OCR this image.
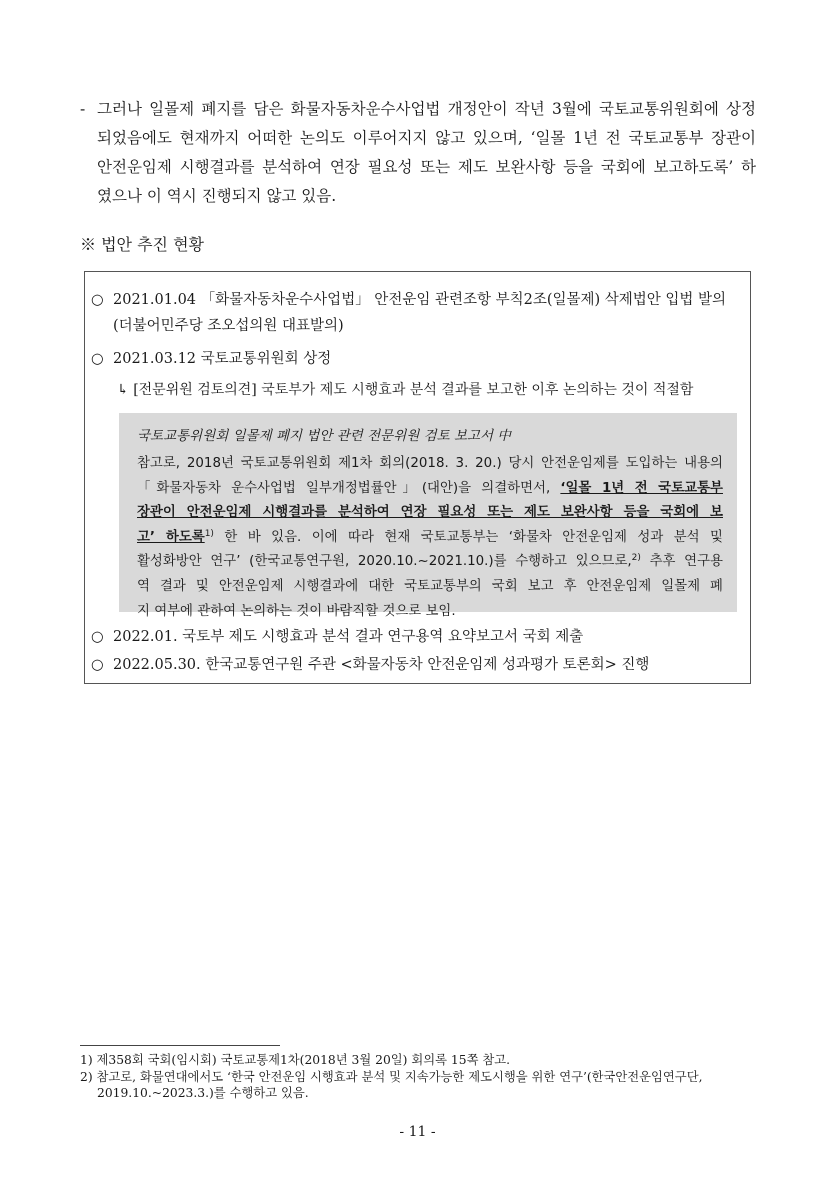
- 그러나 일몰제 폐지를 담은 화물자동차운수사업법 개정안이 작년 3월에 국토교통위원회에 상정
되었음에도 현재까지 어떠한 논의도 이루어지지 않고 있으며, ‘일몰 1년 전 국토교통부 장관이
안전운임제 시행결과를 분석하여 연장 필요성 또는 제도 보완사항 등을 국회에 보고하도록’ 하
였으나 이 역시 진행되지 않고 있음.
※ 법안 추진 현황
○ 2021.01.04 「화물자동차운수사업법」 안전운임 관련조항 부칙2조(일몰제) 삭제법안 입법 발의
(더불어민주당 조오섭의원 대표발의)
○ 2021.03.12 국토교통위원회 상정
↳ [전문위원 검토의견] 국토부가 제도 시행효과 분석 결과를 보고한 이후 논의하는 것이 적절함
국토교통위원회 일몰제 폐지 법안 관련 전문위원 검토 보고서 中
참고로, 2018년 국토교통위원회 제1차 회의(2018. 3. 20.) 당시 안전운임제를 도입하는 내용의
「화물자동차 운수사업법 일부개정법률안」(대안)을 의결하면서, ‘일몰 1년 전 국토교통부
장관이 안전운임제 시행결과를 분석하여 연장 필요성 또는 제도 보완사항 등을 국회에 보
고’ 하도록$^{1)}$ 한 바 있음. 이에 따라 현재 국토교통부는 ‘화물차 안전운임제 성과 분석 및
활성화방안 연구’ (한국교통연구원, 2020.10.~2021.10.)를 수행하고 있으므로,$^{2)}$ 추후 연구용
역 결과 및 안전운임제 시행결과에 대한 국토교통부의 국회 보고 후 안전운임제 일몰제 폐
지 여부에 관하여 논의하는 것이 바람직할 것으로 보임.
○ 2022.01. 국토부 제도 시행효과 분석 결과 연구용역 요약보고서 국회 제출
○ 2022.05.30. 한국교통연구원 주관 <화물자동차 안전운임제 성과평가 토론회> 진행
1) 제358회 국회(임시회) 국토교통제1차(2018년 3월 20일) 회의록 15쪽 참고.
2) 참고로, 화물연대에서도 ‘한국 안전운임 시행효과 분석 및 지속가능한 제도시행을 위한 연구’(한국안전운임연구단,
2019.10.~2023.3.)를 수행하고 있음.
- 11 -
